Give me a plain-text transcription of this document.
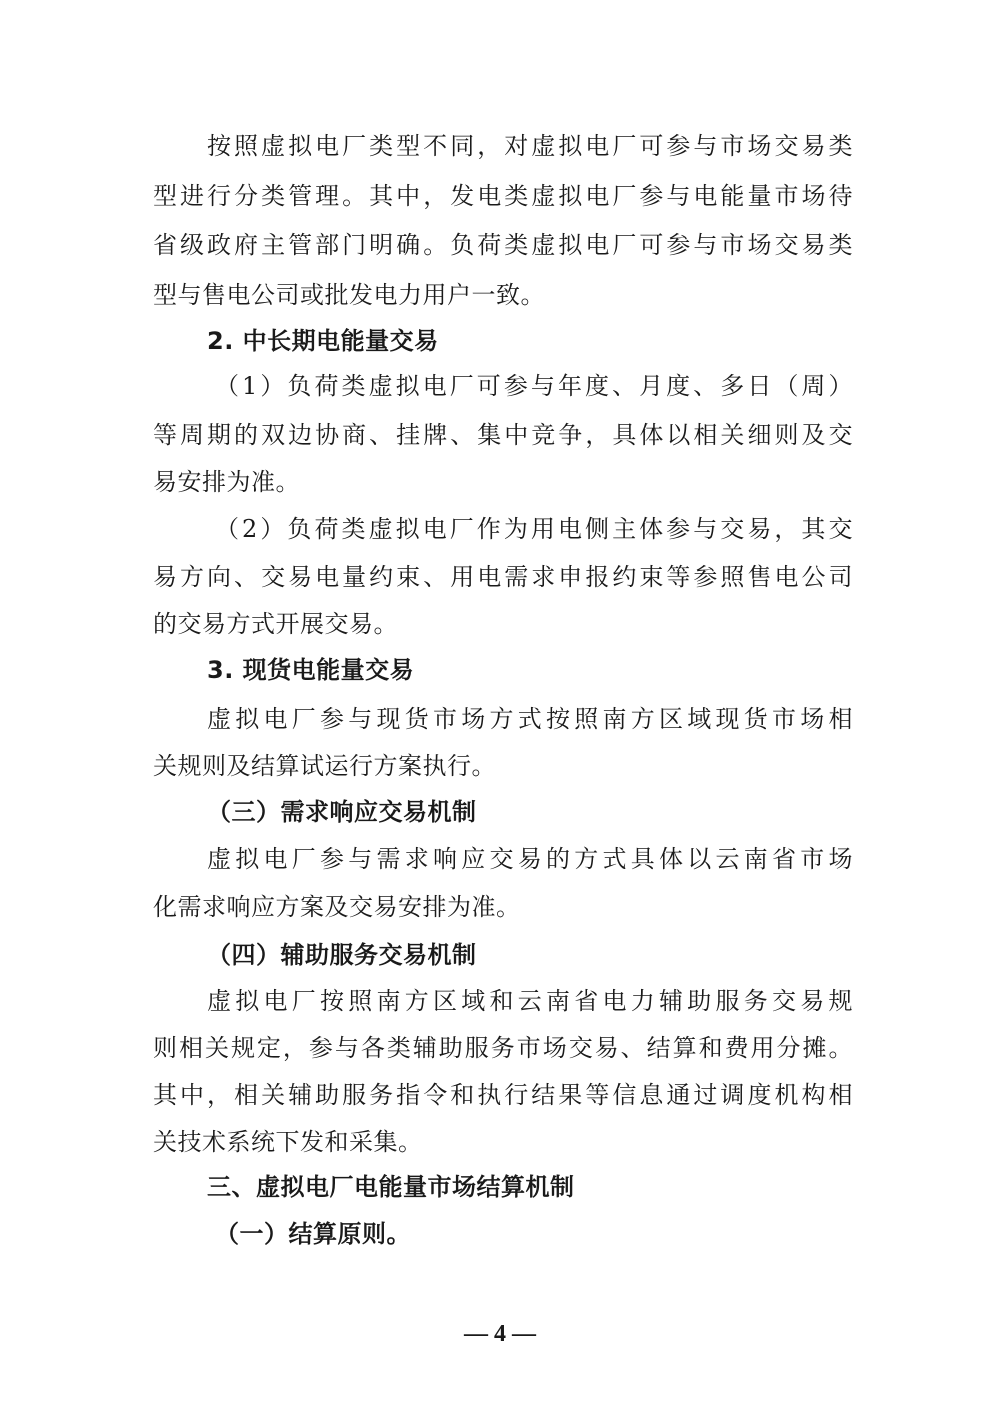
按照虚拟电厂类型不同，对虚拟电厂可参与市场交易类
型进行分类管理。其中，发电类虚拟电厂参与电能量市场待
省级政府主管部门明确。负荷类虚拟电厂可参与市场交易类
型与售电公司或批发电力用户一致。
2. 中长期电能量交易
（1）负荷类虚拟电厂可参与年度、月度、多日（周）
等周期的双边协商、挂牌、集中竞争，具体以相关细则及交
易安排为准。
（2）负荷类虚拟电厂作为用电侧主体参与交易，其交
易方向、交易电量约束、用电需求申报约束等参照售电公司
的交易方式开展交易。
3. 现货电能量交易
虚拟电厂参与现货市场方式按照南方区域现货市场相
关规则及结算试运行方案执行。
（三）需求响应交易机制
虚拟电厂参与需求响应交易的方式具体以云南省市场
化需求响应方案及交易安排为准。
（四）辅助服务交易机制
虚拟电厂按照南方区域和云南省电力辅助服务交易规
则相关规定，参与各类辅助服务市场交易、结算和费用分摊。
其中，相关辅助服务指令和执行结果等信息通过调度机构相
关技术系统下发和采集。
三、虚拟电厂电能量市场结算机制
（一）结算原则。
— 4 —
